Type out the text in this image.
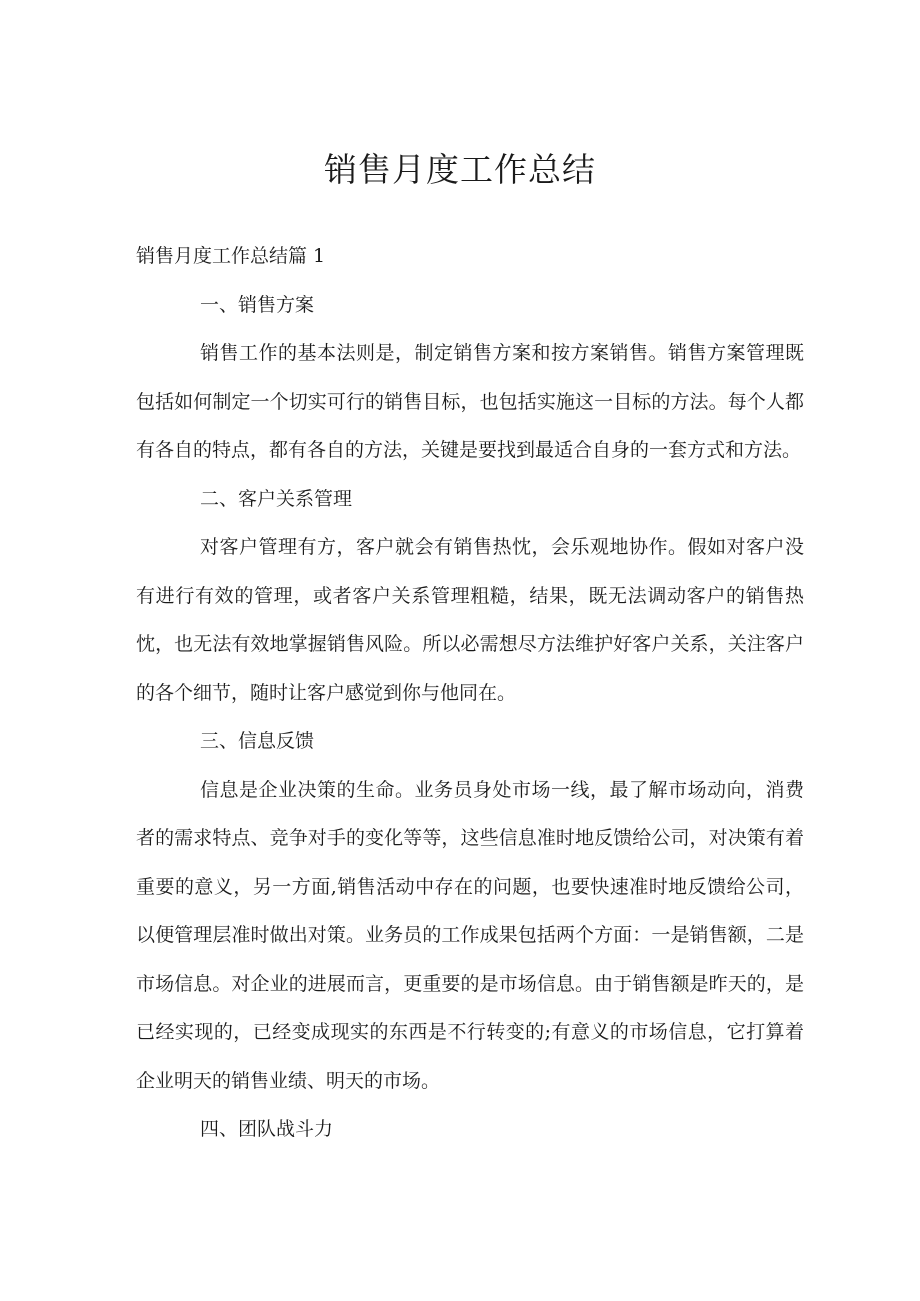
销售月度工作总结

销售月度工作总结篇 1

一、销售方案

销售工作的基本法则是，制定销售方案和按方案销售。销售方案管理既包括如何制定一个切实可行的销售目标，也包括实施这一目标的方法。每个人都有各自的特点，都有各自的方法，关键是要找到最适合自身的一套方式和方法。

二、客户关系管理

对客户管理有方，客户就会有销售热忱，会乐观地协作。假如对客户没有进行有效的管理，或者客户关系管理粗糙，结果，既无法调动客户的销售热忱，也无法有效地掌握销售风险。所以必需想尽方法维护好客户关系，关注客户的各个细节，随时让客户感觉到你与他同在。

三、信息反馈

信息是企业决策的生命。业务员身处市场一线，最了解市场动向，消费者的需求特点、竞争对手的变化等等，这些信息准时地反馈给公司，对决策有着重要的意义，另一方面,销售活动中存在的问题，也要快速准时地反馈给公司，以便管理层准时做出对策。业务员的工作成果包括两个方面：一是销售额，二是市场信息。对企业的进展而言，更重要的是市场信息。由于销售额是昨天的，是已经实现的，已经变成现实的东西是不行转变的;有意义的市场信息，它打算着企业明天的销售业绩、明天的市场。

四、团队战斗力
